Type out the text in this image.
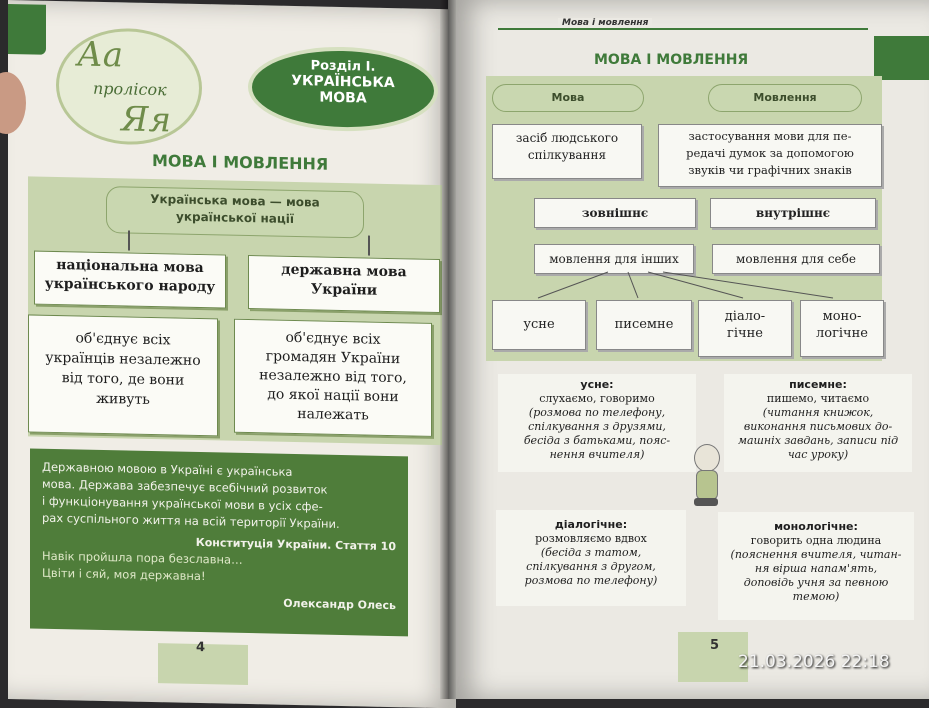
Аа
пролісок
Яя
Розділ І.
УКРАЇНСЬКА
МОВА
МОВА І МОВЛЕННЯ
Українська мова — мова
української нації
національна мова
українського народу
державна мова
України
об'єднує всіх
українців незалежно
від того, де вони
живуть
об'єднує всіх
громадян України
незалежно від того,
до якої нації вони
належать
Державною мовою в Україні є українська
мова. Держава забезпечує всебічний розвиток
і функціонування української мови в усіх сфе-
рах суспільного життя на всій території України.
Конституція України. Стаття 10
Навік пройшла пора безславна…
Цвіти і сяй, моя державна!
Олександр Олесь
4
Мова і мовлення
МОВА І МОВЛЕННЯ
Мова	Мовлення
засіб людського
спілкування
застосування мови для пе-
редачі думок за допомогою
звуків чи графічних знаків
зовнішнє	внутрішнє
мовлення для інших	мовлення для себе
усне	писемне
діало-
гічне
моно-
логічне
усне:
слухаємо, говоримо
(розмова по телефону,
спілкування з друзями,
бесіда з батьками, пояс-
нення вчителя)
писемне:
пишемо, читаємо
(читання книжок,
виконання письмових до-
машніх завдань, записи під
час уроку)
діалогічне:
розмовляємо вдвох
(бесіда з татом,
спілкування з другом,
розмова по телефону)
монологічне:
говорить одна людина
(пояснення вчителя, читан-
ня вірша напам'ять,
доповідь учня за певною
темою)
5
21.03.2026 22:18
